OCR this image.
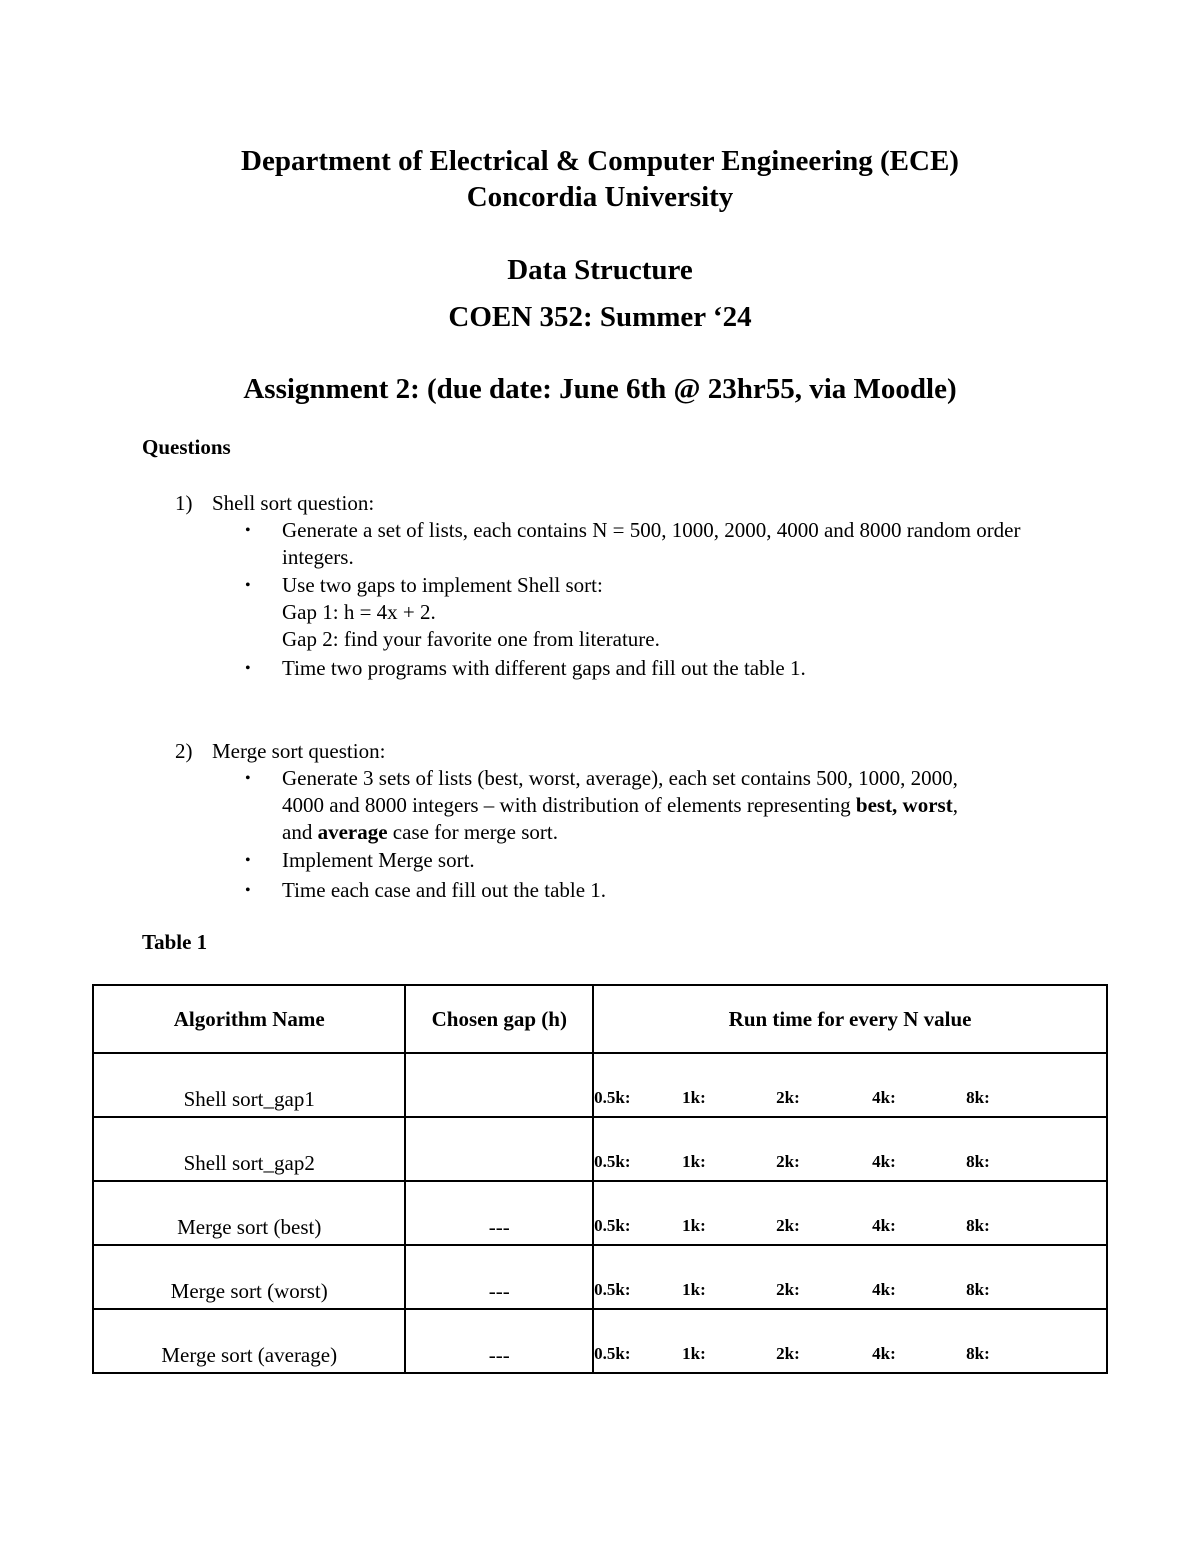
Department of Electrical & Computer Engineering (ECE)
Concordia University
Data Structure
COEN 352: Summer ‘24
Assignment 2: (due date: June 6th @ 23hr55, via Moodle)
Questions
1) Shell sort question:
• Generate a set of lists, each contains N = 500, 1000, 2000, 4000 and 8000 random order
integers.
• Use two gaps to implement Shell sort:
Gap 1: h = 4x + 2.
Gap 2: find your favorite one from literature.
• Time two programs with different gaps and fill out the table 1.
2) Merge sort question:
• Generate 3 sets of lists (best, worst, average), each set contains 500, 1000, 2000,
4000 and 8000 integers – with distribution of elements representing best, worst,
and average case for merge sort.
• Implement Merge sort.
• Time each case and fill out the table 1.
Table 1
Algorithm Name	Chosen gap (h)	Run time for every N value
Shell sort_gap1		0.5k: 1k: 2k: 4k: 8k:

Shell sort_gap2		0.5k: 1k: 2k: 4k: 8k:

Merge sort (best)	---	0.5k: 1k: 2k: 4k: 8k:

Merge sort (worst)	---	0.5k: 1k: 2k: 4k: 8k:

Merge sort (average)	---	0.5k: 1k: 2k: 4k: 8k:
